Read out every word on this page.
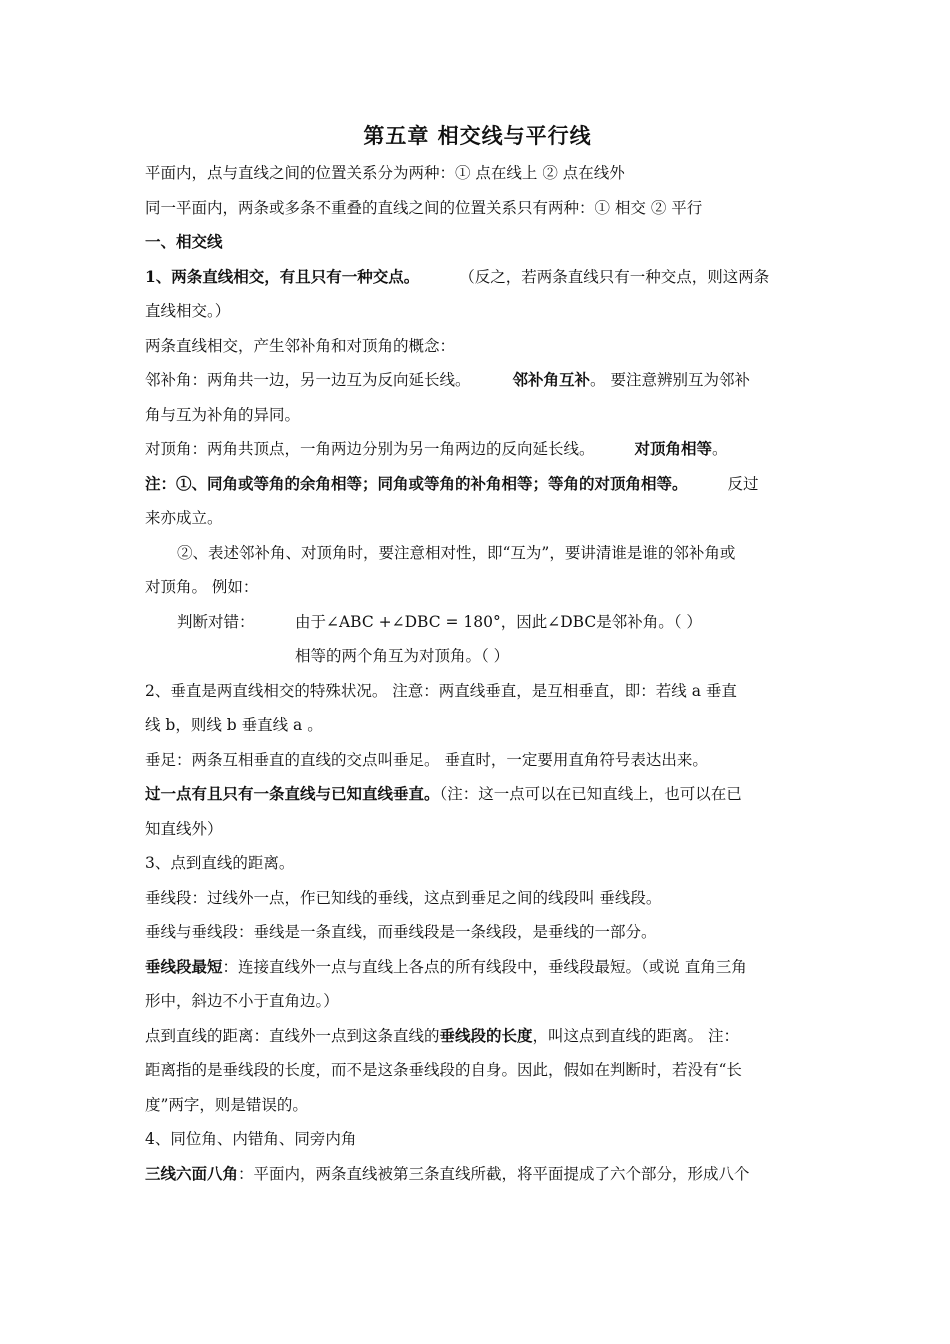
第五章 相交线与平行线
平面内，点与直线之间的位置关系分为两种：① 点在线上 ② 点在线外
同一平面内，两条或多条不重叠的直线之间的位置关系只有两种：① 相交 ② 平行
一、相交线
1、两条直线相交，有且只有一种交点。	（反之，若两条直线只有一种交点，则这两条
直线相交。）
两条直线相交，产生邻补角和对顶角的概念：
邻补角：两角共一边，另一边互为反向延长线。	邻补角互补。 要注意辨别互为邻补
角与互为补角的异同。
对顶角：两角共顶点，一角两边分别为另一角两边的反向延长线。	对顶角相等。
注：①、同角或等角的余角相等；同角或等角的补角相等；等角的对顶角相等。	反过
来亦成立。
②、表述邻补角、对顶角时，要注意相对性，即“互为”，要讲清谁是谁的邻补角或
对顶角。 例如：
判断对错：	由于∠ABC +∠DBC = 180°，因此∠DBC是邻补角。（ ）
相等的两个角互为对顶角。（ ）
2、垂直是两直线相交的特殊状况。 注意：两直线垂直，是互相垂直，即：若线 a 垂直
线 b，则线 b 垂直线 a 。
垂足：两条互相垂直的直线的交点叫垂足。 垂直时，一定要用直角符号表达出来。
过一点有且只有一条直线与已知直线垂直。（注：这一点可以在已知直线上，也可以在已
知直线外）
3、点到直线的距离。
垂线段：过线外一点，作已知线的垂线，这点到垂足之间的线段叫 垂线段。
垂线与垂线段：垂线是一条直线，而垂线段是一条线段，是垂线的一部分。
垂线段最短：连接直线外一点与直线上各点的所有线段中，垂线段最短。（或说 直角三角
形中，斜边不小于直角边。）
点到直线的距离：直线外一点到这条直线的垂线段的长度，叫这点到直线的距离。 注：
距离指的是垂线段的长度，而不是这条垂线段的自身。因此，假如在判断时，若没有“长
度”两字，则是错误的。
4、同位角、内错角、同旁内角
三线六面八角：平面内，两条直线被第三条直线所截，将平面提成了六个部分，形成八个
